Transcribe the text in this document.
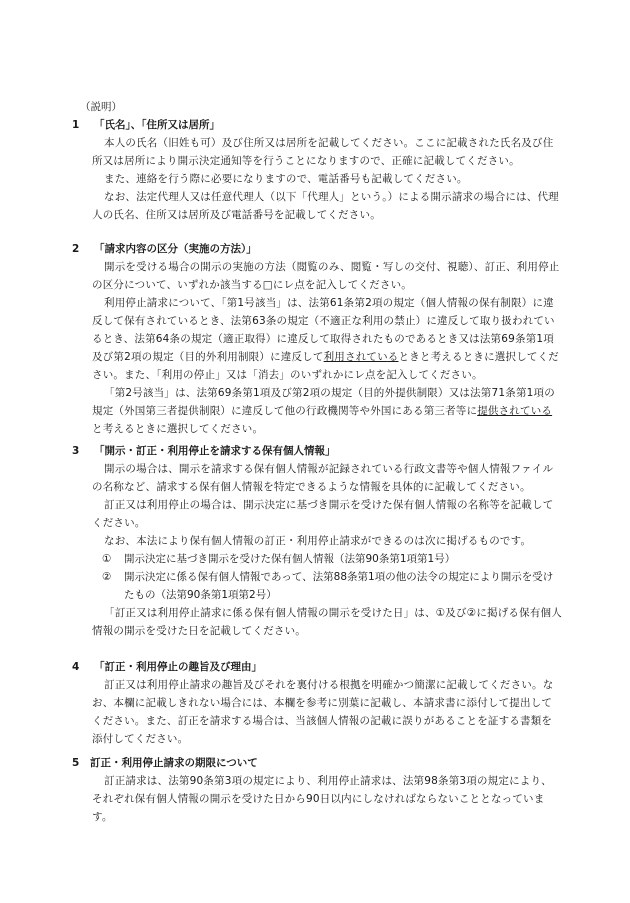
（説明）
1 「氏名」、「住所又は居所」

本人の氏名（旧姓も可）及び住所又は居所を記載してください。ここに記載された氏名及び住所又は居所により開示決定通知等を行うことになりますので、正確に記載してください。

また、連絡を行う際に必要になりますので、電話番号も記載してください。

なお、法定代理人又は任意代理人（以下「代理人」という。）による開示請求の場合には、代理人の氏名、住所又は居所及び電話番号を記載してください。

2 「請求内容の区分（実施の方法）」

開示を受ける場合の開示の実施の方法（閲覧のみ、閲覧・写しの交付、視聴）、訂正、利用停止の区分について、いずれか該当する□にレ点を記入してください。

利用停止請求について、「第1号該当」は、法第61条第2項の規定（個人情報の保有制限）に違反して保有されているとき、法第63条の規定（不適正な利用の禁止）に違反して取り扱われているとき、法第64条の規定（適正取得）に違反して取得されたものであるとき又は法第69条第1項及び第2項の規定（目的外利用制限）に違反して利用されているときと考えるときに選択してください。また、「利用の停止」又は「消去」のいずれかにレ点を記入してください。

「第2号該当」は、法第69条第1項及び第2項の規定（目的外提供制限）又は法第71条第1項の規定（外国第三者提供制限）に違反して他の行政機関等や外国にある第三者等に提供されていると考えるときに選択してください。

3 「開示・訂正・利用停止を請求する保有個人情報」

開示の場合は、開示を請求する保有個人情報が記録されている行政文書等や個人情報ファイルの名称など、請求する保有個人情報を特定できるような情報を具体的に記載してください。

訂正又は利用停止の場合は、開示決定に基づき開示を受けた保有個人情報の名称等を記載してください。

なお、本法により保有個人情報の訂正・利用停止請求ができるのは次に掲げるものです。

①	開示決定に基づき開示を受けた保有個人情報（法第90条第1項第1号）
②	開示決定に係る保有個人情報であって、法第88条第1項の他の法令の規定により開示を受けたもの（法第90条第1項第2号）

「訂正又は利用停止請求に係る保有個人情報の開示を受けた日」は、①及び②に掲げる保有個人情報の開示を受けた日を記載してください。

4 「訂正・利用停止の趣旨及び理由」

訂正又は利用停止請求の趣旨及びそれを裏付ける根拠を明確かつ簡潔に記載してください。なお、本欄に記載しきれない場合には、本欄を参考に別葉に記載し、本請求書に添付して提出してください。また、訂正を請求する場合は、当該個人情報の記載に誤りがあることを証する書類を添付してください。

5 訂正・利用停止請求の期限について

訂正請求は、法第90条第3項の規定により、利用停止請求は、法第98条第3項の規定により、それぞれ保有個人情報の開示を受けた日から90日以内にしなければならないこととなっています。
